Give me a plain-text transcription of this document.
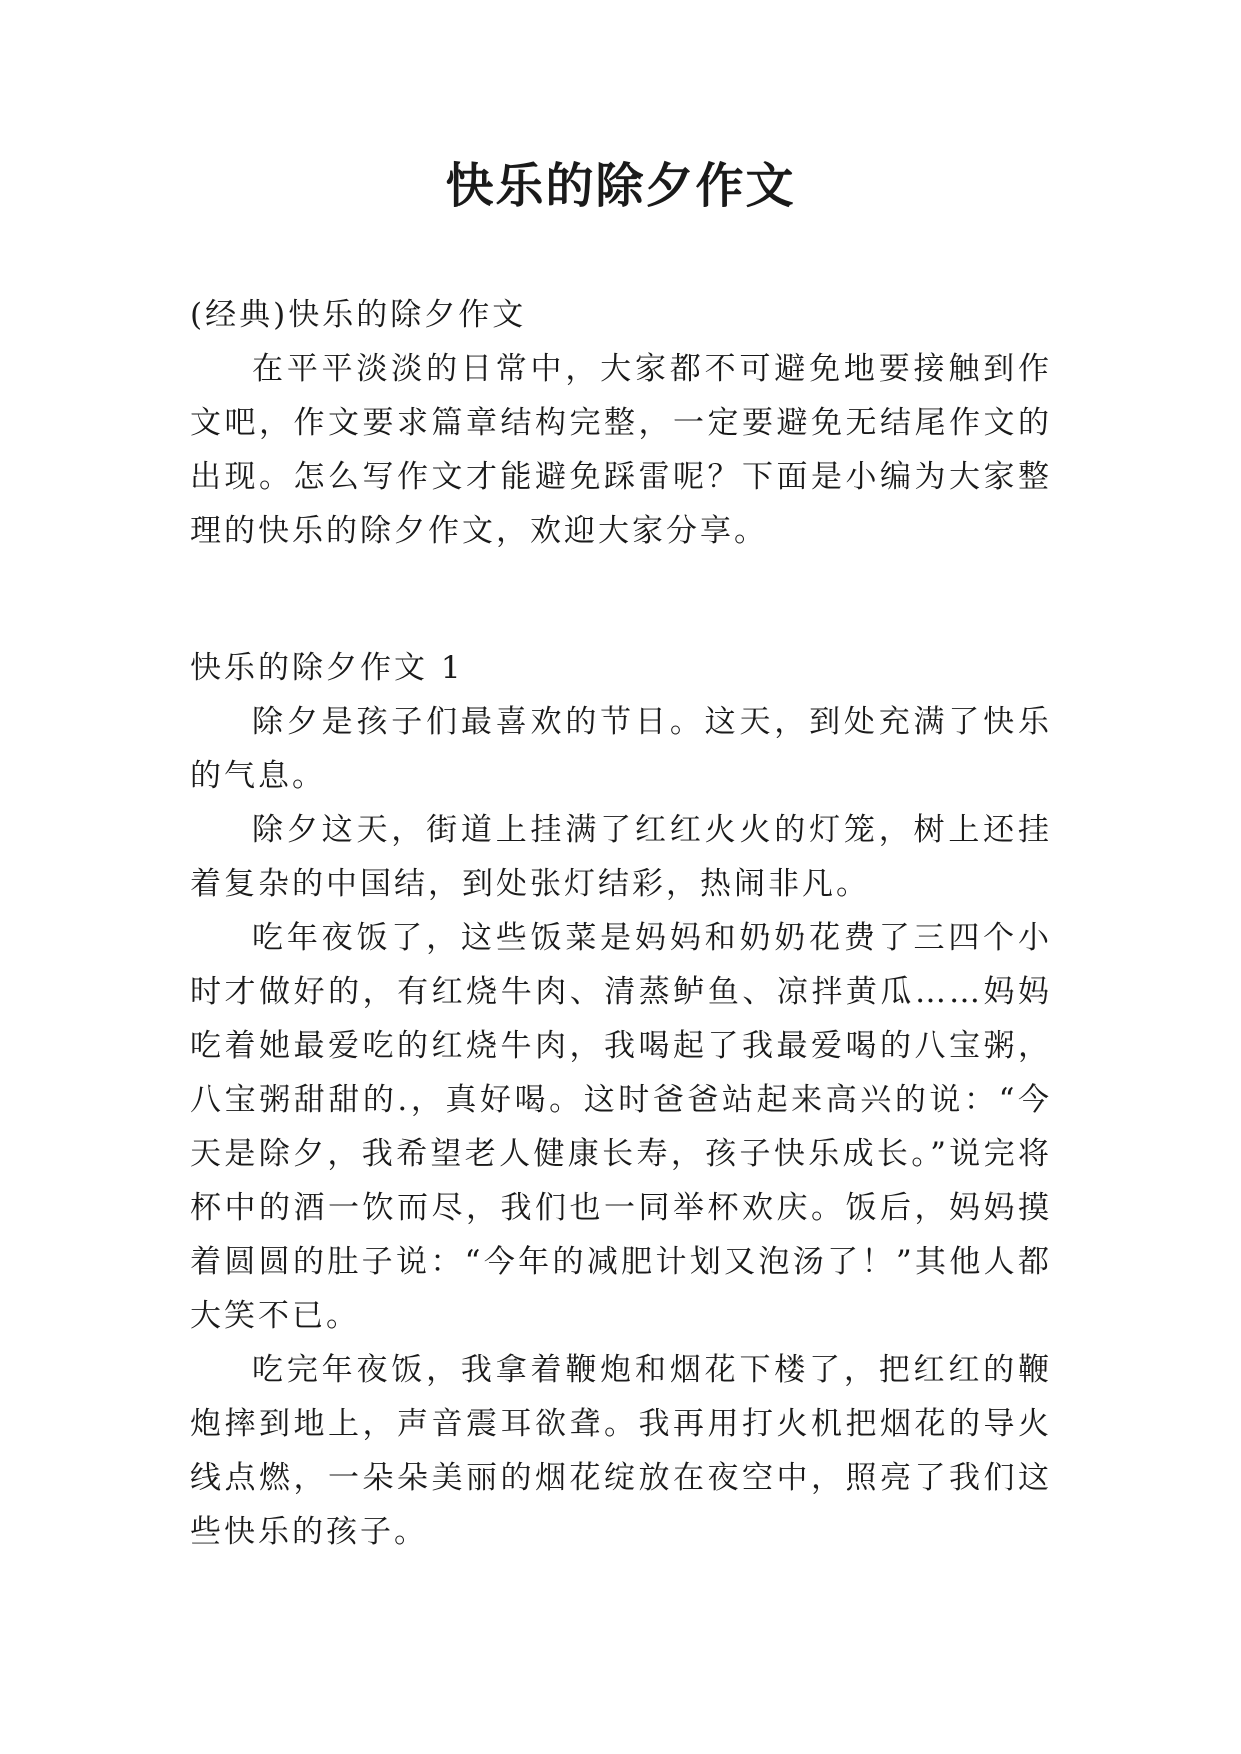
快乐的除夕作文

(经典)快乐的除夕作文

在平平淡淡的日常中，大家都不可避免地要接触到作文吧，作文要求篇章结构完整，一定要避免无结尾作文的出现。怎么写作文才能避免踩雷呢？下面是小编为大家整理的快乐的除夕作文，欢迎大家分享。

快乐的除夕作文 1

除夕是孩子们最喜欢的节日。这天，到处充满了快乐的气息。

除夕这天，街道上挂满了红红火火的灯笼，树上还挂着复杂的中国结，到处张灯结彩，热闹非凡。

吃年夜饭了，这些饭菜是妈妈和奶奶花费了三四个小时才做好的，有红烧牛肉、清蒸鲈鱼、凉拌黄瓜……妈妈吃着她最爱吃的红烧牛肉，我喝起了我最爱喝的八宝粥，八宝粥甜甜的.，真好喝。这时爸爸站起来高兴的说：“今天是除夕，我希望老人健康长寿，孩子快乐成长。”说完将杯中的酒一饮而尽，我们也一同举杯欢庆。饭后，妈妈摸着圆圆的肚子说：“今年的减肥计划又泡汤了！”其他人都大笑不已。

吃完年夜饭，我拿着鞭炮和烟花下楼了，把红红的鞭炮摔到地上，声音震耳欲聋。我再用打火机把烟花的导火线点燃，一朵朵美丽的烟花绽放在夜空中，照亮了我们这些快乐的孩子。
